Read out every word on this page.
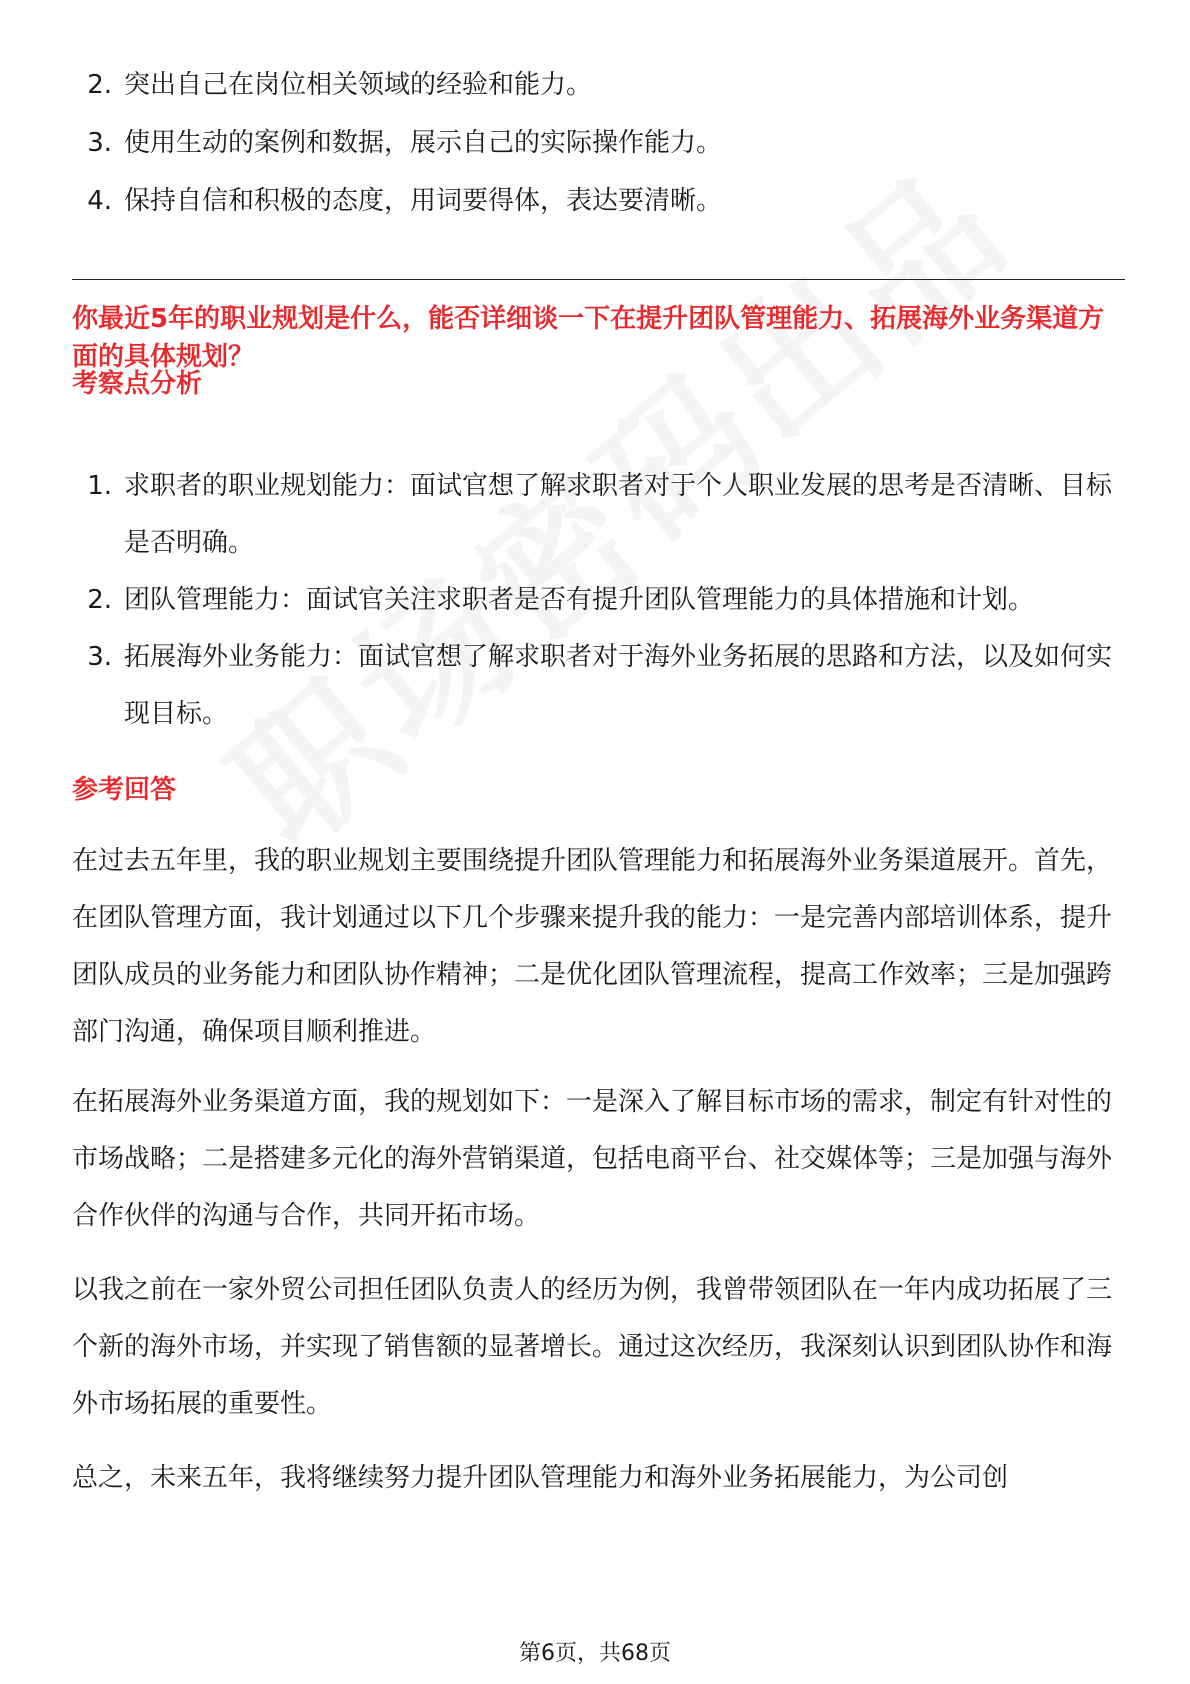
2. 突出自己在岗位相关领域的经验和能力。
3. 使用生动的案例和数据，展示自己的实际操作能力。
4. 保持自信和积极的态度，用词要得体，表达要清晰。

你最近5年的职业规划是什么，能否详细谈一下在提升团队管理能力、拓展海外业务渠道方面的具体规划？

考察点分析
1. 求职者的职业规划能力：面试官想了解求职者对于个人职业发展的思考是否清晰、目标是否明确。
2. 团队管理能力：面试官关注求职者是否有提升团队管理能力的具体措施和计划。
3. 拓展海外业务能力：面试官想了解求职者对于海外业务拓展的思路和方法，以及如何实现目标。
参考回答

在过去五年里，我的职业规划主要围绕提升团队管理能力和拓展海外业务渠道展开。首先，在团队管理方面，我计划通过以下几个步骤来提升我的能力：一是完善内部培训体系，提升团队成员的业务能力和团队协作精神；二是优化团队管理流程，提高工作效率；三是加强跨部门沟通，确保项目顺利推进。

在拓展海外业务渠道方面，我的规划如下：一是深入了解目标市场的需求，制定有针对性的市场战略；二是搭建多元化的海外营销渠道，包括电商平台、社交媒体等；三是加强与海外合作伙伴的沟通与合作，共同开拓市场。

以我之前在一家外贸公司担任团队负责人的经历为例，我曾带领团队在一年内成功拓展了三个新的海外市场，并实现了销售额的显著增长。通过这次经历，我深刻认识到团队协作和海外市场拓展的重要性。

总之，未来五年，我将继续努力提升团队管理能力和海外业务拓展能力，为公司创

第6页，共68页
